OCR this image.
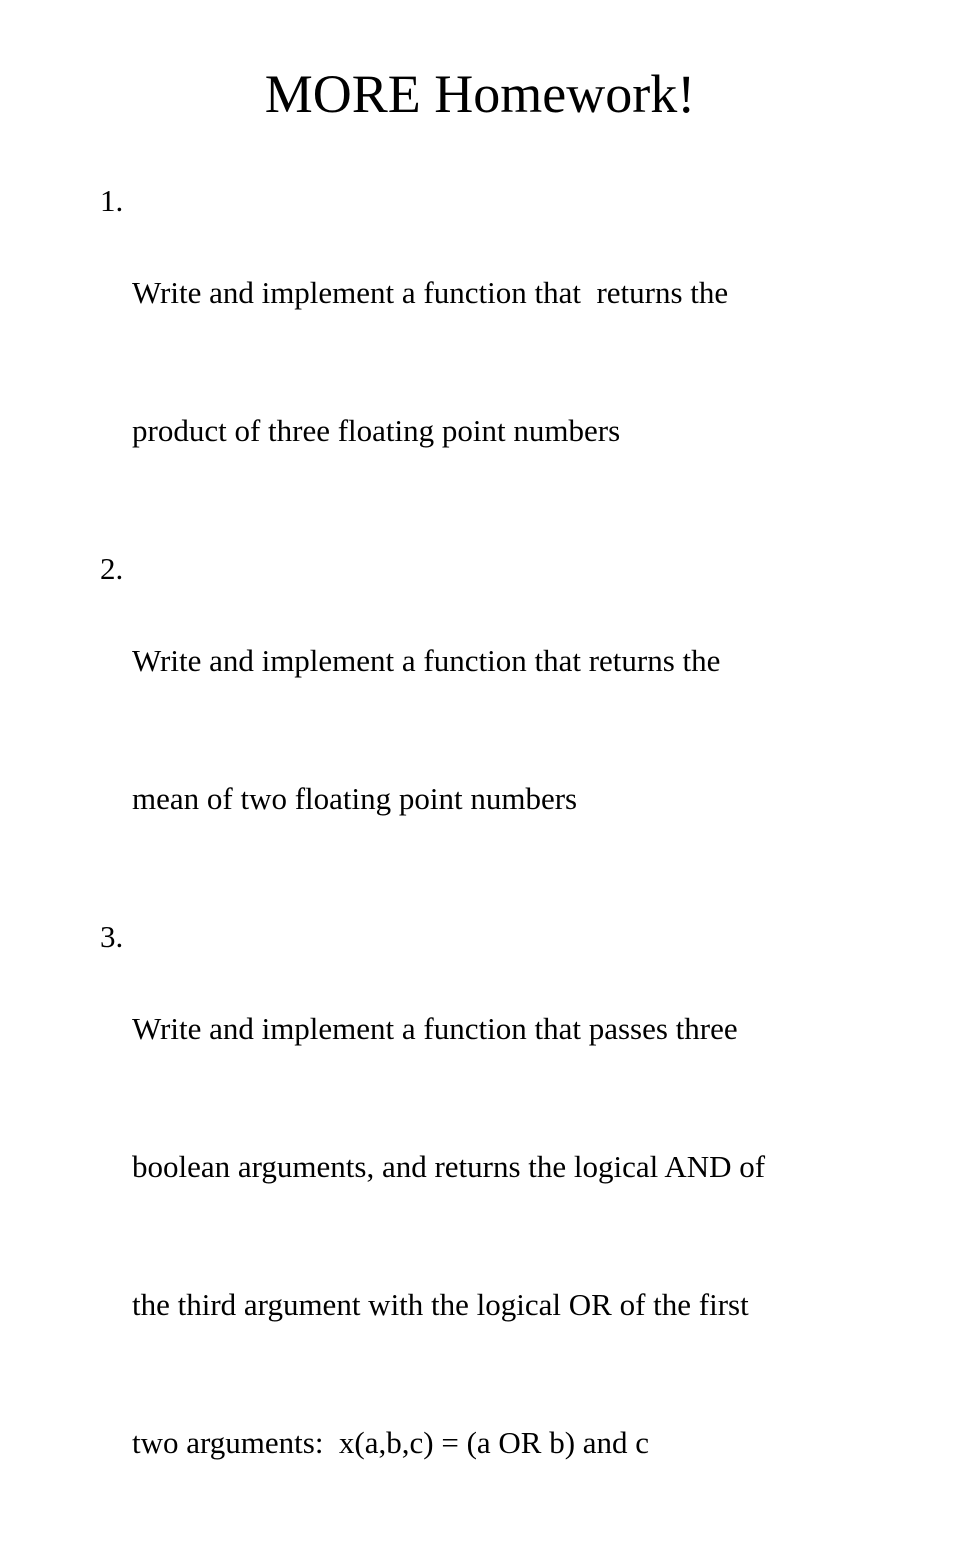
MORE Homework!
1.

Write and implement a function that  returns the

product of three floating point numbers

2.

Write and implement a function that returns the

mean of two floating point numbers

3.

Write and implement a function that passes three

boolean arguments, and returns the logical AND of

the third argument with the logical OR of the first

two arguments:  x(a,b,c) = (a OR b) and c
